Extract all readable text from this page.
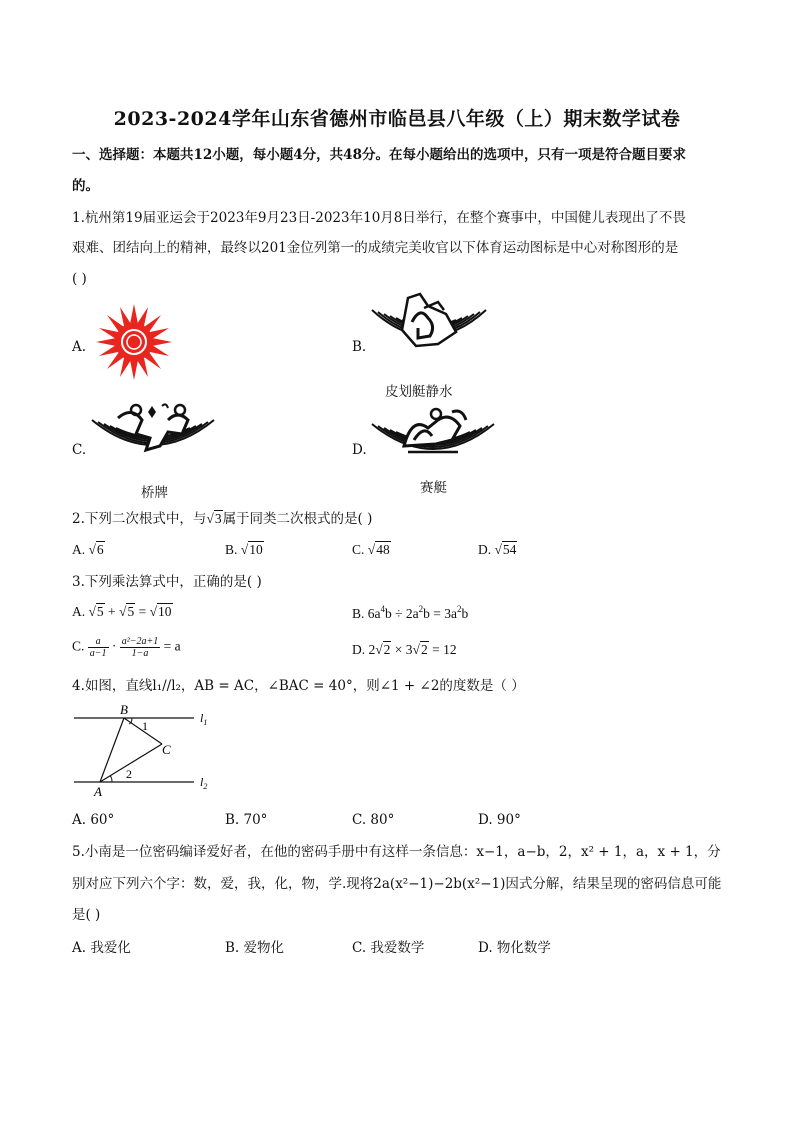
2023-2024学年山东省德州市临邑县八年级（上）期末数学试卷
一、选择题：本题共12小题，每小题4分，共48分。在每小题给出的选项中，只有一项是符合题目要求
的。
1.杭州第19届亚运会于2023年9月23日-2023年10月8日举行，在整个赛事中，中国健儿表现出了不畏
艰难、团结向上的精神，最终以201金位列第一的成绩完美收官以下体育运动图标是中心对称图形的是
( )
A.	B.
皮划艇静水
C.
桥牌
D.
赛艇
2.下列二次根式中，与√3属于同类二次根式的是( )
A. √6	B. √10	C. √48	D. √54
3.下列乘法算式中，正确的是( )
A. √5 + √5 = √10	B. $6a^4b \div 2a^2b = 3a^2b$
C. $\frac{a}{a-1} \cdot \frac{\text{a²−2a+1}}{1-a} = a$	D. 2√2 × 3√2 = 12
4.如图，直线l₁//l₂，AB = AC，∠BAC = 40°，则∠1 + ∠2的度数是（ ）
B
1
C
2
A
$l_1$
$l_2$
A. 60°	B. 70°	C. 80°	D. 90°
5.小南是一位密码编译爱好者，在他的密码手册中有这样一条信息：x−1，a−b，2，x² + 1，a，x + 1，分
别对应下列六个字：数，爱，我，化，物，学.现将2a(x²−1)−2b(x²−1)因式分解，结果呈现的密码信息可能
是( )
A. 我爱化	B. 爱物化	C. 我爱数学	D. 物化数学
